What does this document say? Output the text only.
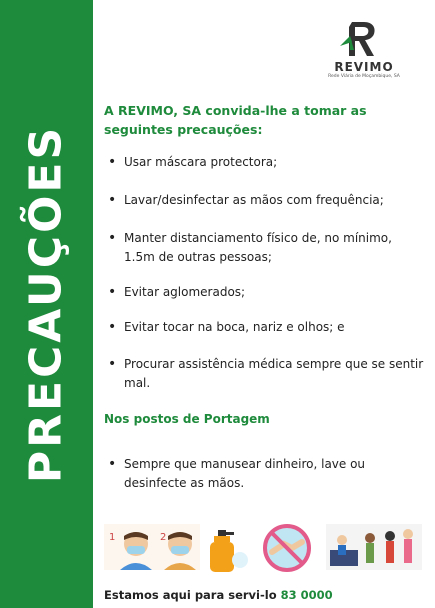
PRECAUÇÕES
REVIMO
Rede Viária de Moçambique, SA
A REVIMO, SA convida-lhe a tomar as seguintes precauções:
• Usar máscara protectora;
• Lavar/desinfectar as mãos com frequência;
• Manter distanciamento físico de, no mínimo, 1.5m de outras pessoas;
• Evitar aglomerados;
• Evitar tocar na boca, nariz e olhos; e
• Procurar assistência médica sempre que se sentir mal.
Nos postos de Portagem
• Sempre que manusear dinheiro, lave ou desinfecte as mãos.
1	2
Estamos aqui para servi-lo 83 0000
